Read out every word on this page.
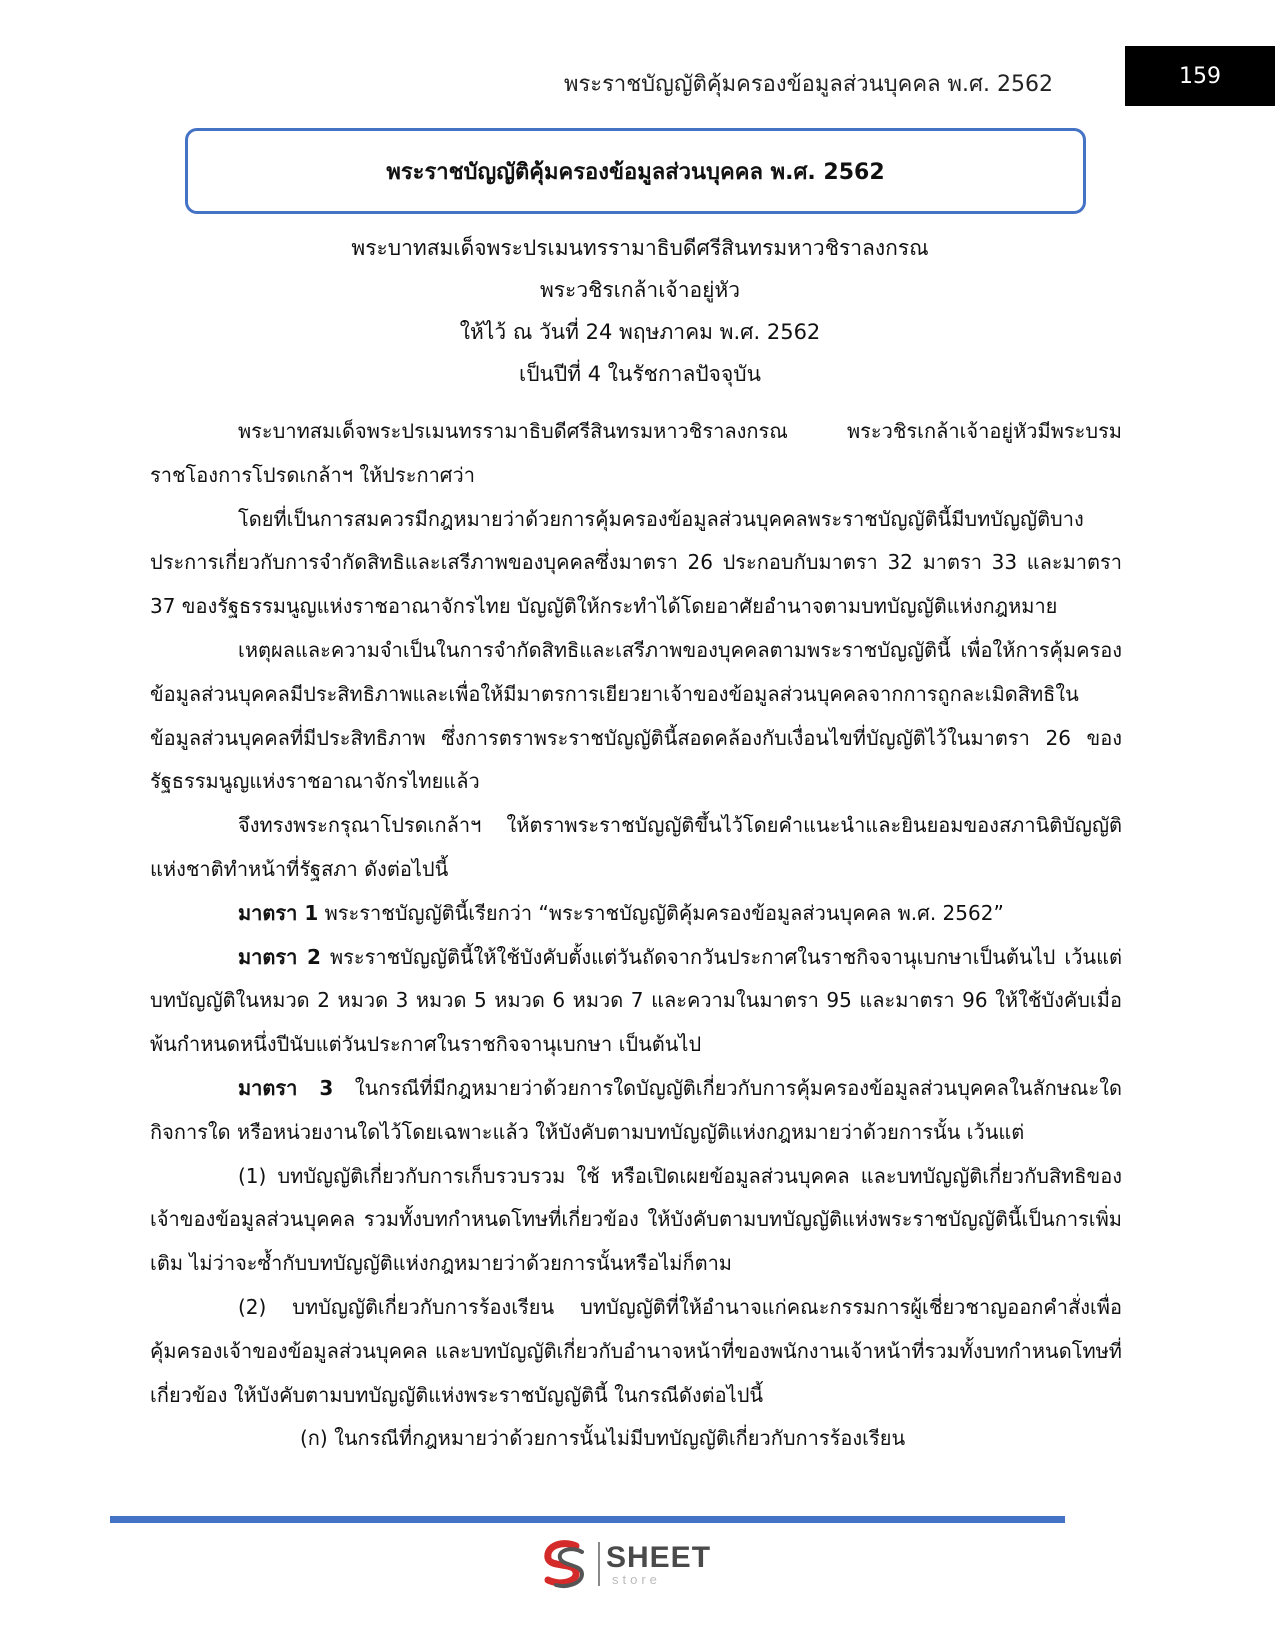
พระราชบัญญัติคุ้มครองข้อมูลส่วนบุคคล พ.ศ. 2562	159
พระราชบัญญัติคุ้มครองข้อมูลส่วนบุคคล พ.ศ. 2562
พระบาทสมเด็จพระปรเมนทรรามาธิบดีศรีสินทรมหาวชิราลงกรณ
พระวชิรเกล้าเจ้าอยู่หัว
ให้ไว้ ณ วันที่ 24 พฤษภาคม พ.ศ. 2562
เป็นปีที่ 4 ในรัชกาลปัจจุบัน

พระบาทสมเด็จพระปรเมนทรรามาธิบดีศรีสินทรมหาวชิราลงกรณ พระวชิรเกล้าเจ้าอยู่หัวมีพระบรมราชโองการโปรดเกล้าฯ ให้ประกาศว่า

โดยที่เป็นการสมควรมีกฎหมายว่าด้วยการคุ้มครองข้อมูลส่วนบุคคลพระราชบัญญัตินี้มีบทบัญญัติบางประการเกี่ยวกับการจำกัดสิทธิและเสรีภาพของบุคคลซึ่งมาตรา 26 ประกอบกับมาตรา 32 มาตรา 33 และมาตรา 37 ของรัฐธรรมนูญแห่งราชอาณาจักรไทย บัญญัติให้กระทำได้โดยอาศัยอำนาจตามบทบัญญัติแห่งกฎหมาย

เหตุผลและความจำเป็นในการจำกัดสิทธิและเสรีภาพของบุคคลตามพระราชบัญญัตินี้ เพื่อให้การคุ้มครองข้อมูลส่วนบุคคลมีประสิทธิภาพและเพื่อให้มีมาตรการเยียวยาเจ้าของข้อมูลส่วนบุคคลจากการถูกละเมิดสิทธิในข้อมูลส่วนบุคคลที่มีประสิทธิภาพ ซึ่งการตราพระราชบัญญัตินี้สอดคล้องกับเงื่อนไขที่บัญญัติไว้ในมาตรา 26 ของรัฐธรรมนูญแห่งราชอาณาจักรไทยแล้ว

จึงทรงพระกรุณาโปรดเกล้าฯ ให้ตราพระราชบัญญัติขึ้นไว้โดยคำแนะนำและยินยอมของสภานิติบัญญัติแห่งชาติทำหน้าที่รัฐสภา ดังต่อไปนี้

มาตรา 1 พระราชบัญญัตินี้เรียกว่า “พระราชบัญญัติคุ้มครองข้อมูลส่วนบุคคล พ.ศ. 2562”

มาตรา 2 พระราชบัญญัตินี้ให้ใช้บังคับตั้งแต่วันถัดจากวันประกาศในราชกิจจานุเบกษาเป็นต้นไป เว้นแต่บทบัญญัติในหมวด 2 หมวด 3 หมวด 5 หมวด 6 หมวด 7 และความในมาตรา 95 และมาตรา 96 ให้ใช้บังคับเมื่อพ้นกำหนดหนึ่งปีนับแต่วันประกาศในราชกิจจานุเบกษา เป็นต้นไป

มาตรา 3 ในกรณีที่มีกฎหมายว่าด้วยการใดบัญญัติเกี่ยวกับการคุ้มครองข้อมูลส่วนบุคคลในลักษณะใดกิจการใด หรือหน่วยงานใดไว้โดยเฉพาะแล้ว ให้บังคับตามบทบัญญัติแห่งกฎหมายว่าด้วยการนั้น เว้นแต่

(1) บทบัญญัติเกี่ยวกับการเก็บรวบรวม ใช้ หรือเปิดเผยข้อมูลส่วนบุคคล และบทบัญญัติเกี่ยวกับสิทธิของเจ้าของข้อมูลส่วนบุคคล รวมทั้งบทกำหนดโทษที่เกี่ยวข้อง ให้บังคับตามบทบัญญัติแห่งพระราชบัญญัตินี้เป็นการเพิ่มเติม ไม่ว่าจะซ้ำกับบทบัญญัติแห่งกฎหมายว่าด้วยการนั้นหรือไม่ก็ตาม

(2) บทบัญญัติเกี่ยวกับการร้องเรียน บทบัญญัติที่ให้อำนาจแก่คณะกรรมการผู้เชี่ยวชาญออกคำสั่งเพื่อคุ้มครองเจ้าของข้อมูลส่วนบุคคล และบทบัญญัติเกี่ยวกับอำนาจหน้าที่ของพนักงานเจ้าหน้าที่รวมทั้งบทกำหนดโทษที่เกี่ยวข้อง ให้บังคับตามบทบัญญัติแห่งพระราชบัญญัตินี้ ในกรณีดังต่อไปนี้

(ก) ในกรณีที่กฎหมายว่าด้วยการนั้นไม่มีบทบัญญัติเกี่ยวกับการร้องเรียน

SHEET
store
